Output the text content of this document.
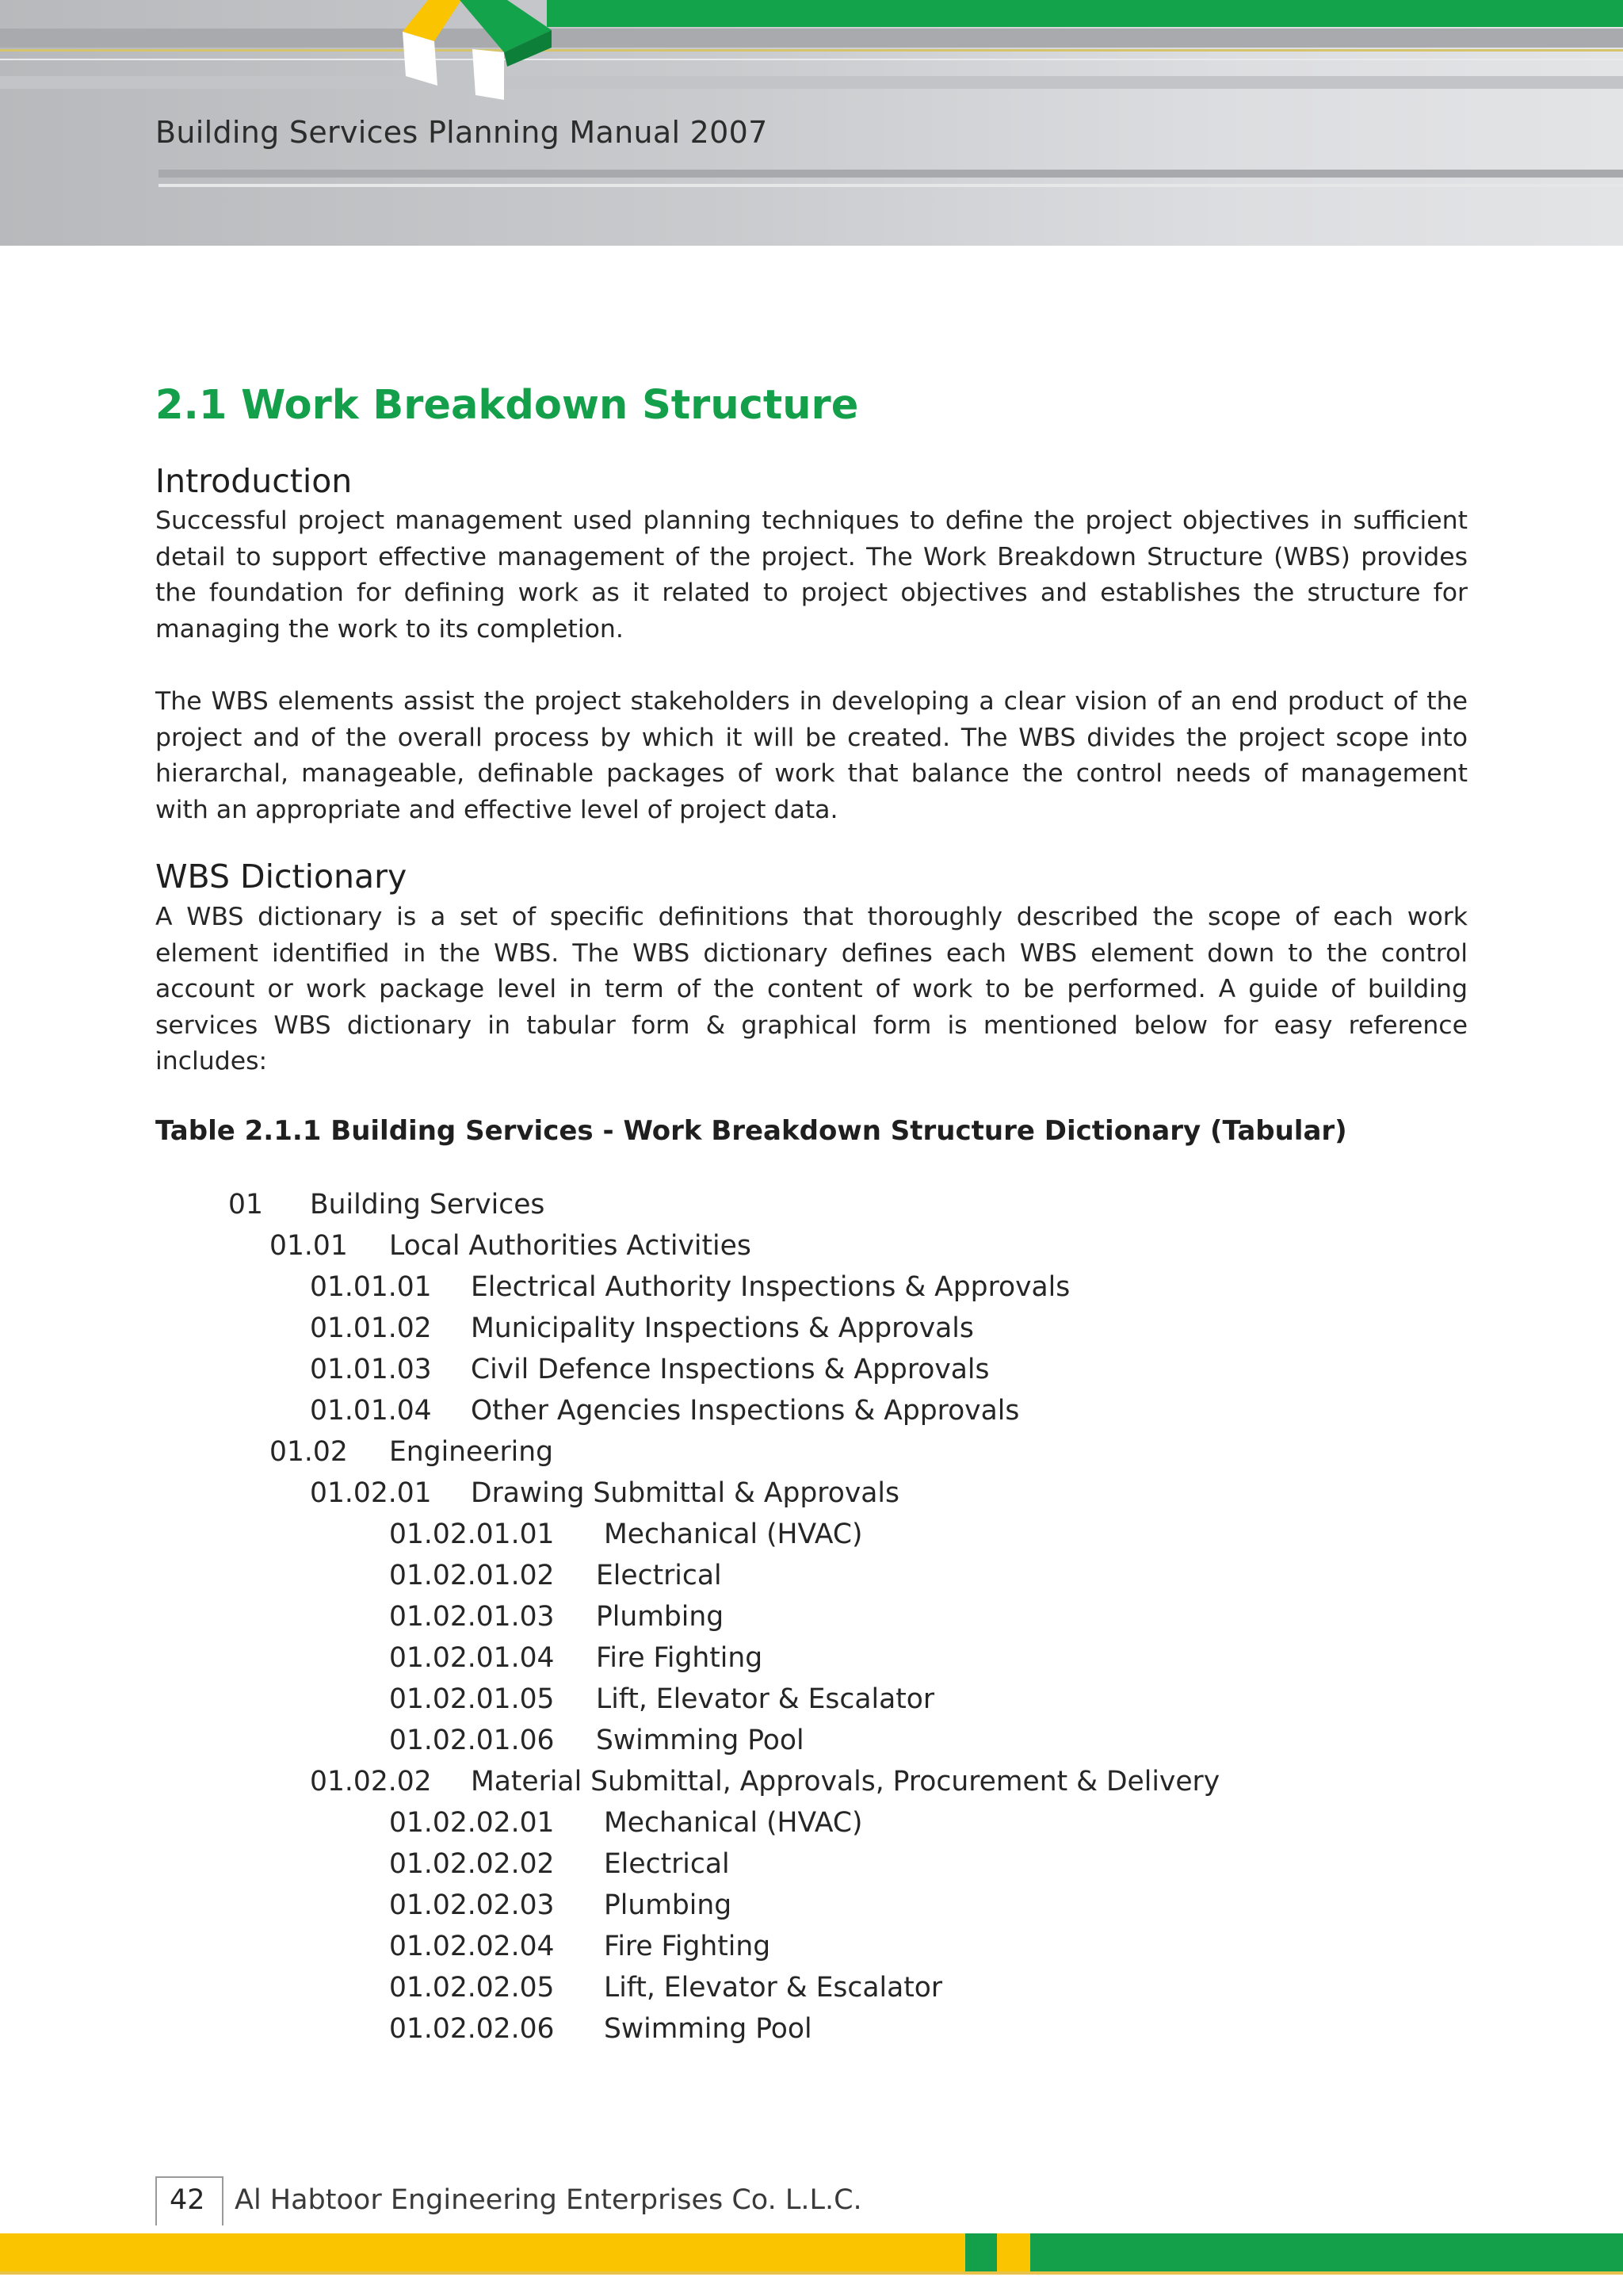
Building Services Planning Manual 2007
2.1 Work Breakdown Structure
Introduction

Successful project management used planning techniques to define the project objectives in sufficient detail to support effective management of the project. The Work Breakdown Structure (WBS) provides the foundation for defining work as it related to project objectives and establishes the structure for managing the work to its completion.

The WBS elements assist the project stakeholders in developing a clear vision of an end product of the project and of the overall process by which it will be created. The WBS divides the project scope into hierarchal, manageable, definable packages of work that balance the control needs of management with an appropriate and effective level of project data.

WBS Dictionary

A WBS dictionary is a set of specific definitions that thoroughly described the scope of each work element identified in the WBS. The WBS dictionary defines each WBS element down to the control account or work package level in term of the content of work to be performed. A guide of building services WBS dictionary in tabular form & graphical form is mentioned below for easy reference includes:

Table 2.1.1 Building Services - Work Breakdown Structure Dictionary (Tabular)
01 Building Services
01.01 Local Authorities Activities
01.01.01 Electrical Authority Inspections & Approvals
01.01.02 Municipality Inspections & Approvals
01.01.03 Civil Defence Inspections & Approvals
01.01.04 Other Agencies Inspections & Approvals
01.02 Engineering
01.02.01 Drawing Submittal & Approvals
01.02.01.01 Mechanical (HVAC)
01.02.01.02 Electrical
01.02.01.03 Plumbing
01.02.01.04 Fire Fighting
01.02.01.05 Lift, Elevator & Escalator
01.02.01.06 Swimming Pool
01.02.02 Material Submittal, Approvals, Procurement & Delivery
01.02.02.01 Mechanical (HVAC)
01.02.02.02 Electrical
01.02.02.03 Plumbing
01.02.02.04 Fire Fighting
01.02.02.05 Lift, Elevator & Escalator
01.02.02.06 Swimming Pool
42 Al Habtoor Engineering Enterprises Co. L.L.C.
